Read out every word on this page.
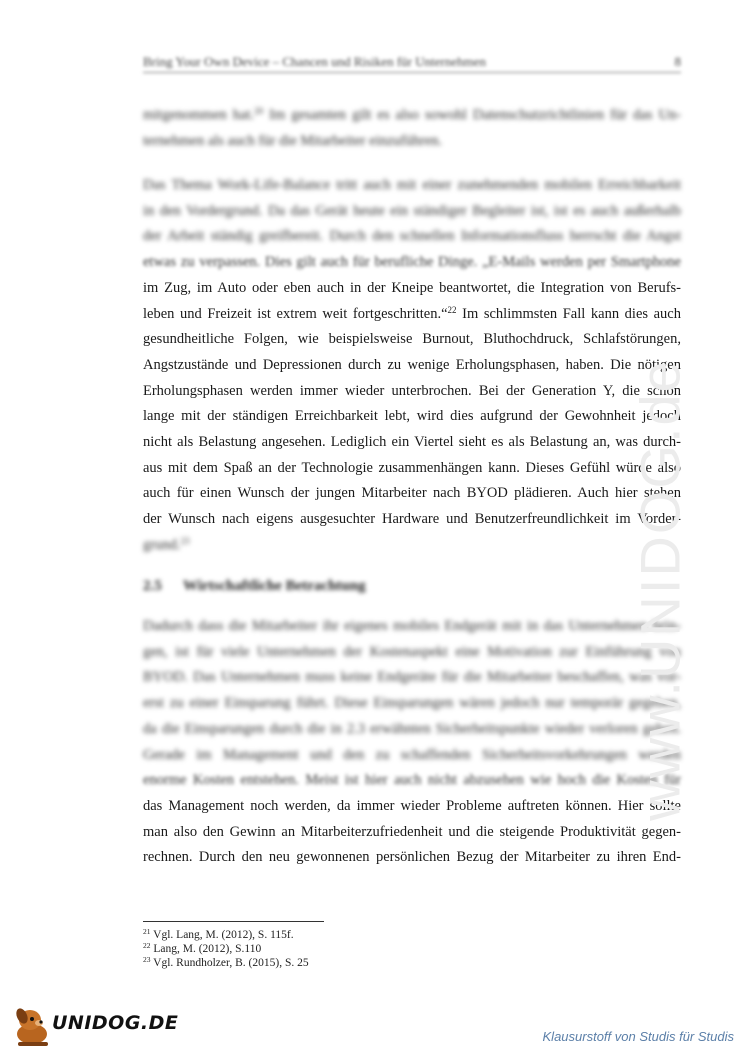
Bring Your Own Device – Chancen und Risiken für Unternehmen	8
mitgenommen hat.$^{20}$ Im gesamten gilt es also sowohl Datenschutzrichtlinien für das Un-
ternehmen als auch für die Mitarbeiter einzuführen.
Das Thema Work-Life-Balance tritt auch mit einer zunehmenden mobilen Erreichbarkeit
in den Vordergrund. Da das Gerät heute ein ständiger Begleiter ist, ist es auch außerhalb
der Arbeit ständig greifbereit. Durch den schnellen Informationsfluss herrscht die Angst
etwas zu verpassen. Dies gilt auch für berufliche Dinge. „E-Mails werden per Smartphone
im Zug, im Auto oder eben auch in der Kneipe beantwortet, die Integration von Berufs-
leben und Freizeit ist extrem weit fortgeschritten.“$^{22}$ Im schlimmsten Fall kann dies auch
gesundheitliche Folgen, wie beispielsweise Burnout, Bluthochdruck, Schlafstörungen,
Angstzustände und Depressionen durch zu wenige Erholungsphasen, haben. Die nötigen
Erholungsphasen werden immer wieder unterbrochen. Bei der Generation Y, die schon
lange mit der ständigen Erreichbarkeit lebt, wird dies aufgrund der Gewohnheit jedoch
nicht als Belastung angesehen. Lediglich ein Viertel sieht es als Belastung an, was durch-
aus mit dem Spaß an der Technologie zusammenhängen kann. Dieses Gefühl würde also
auch für einen Wunsch der jungen Mitarbeiter nach BYOD plädieren. Auch hier stehen
der Wunsch nach eigens ausgesuchter Hardware und Benutzerfreundlichkeit im Vorder-
grund.$^{23}$
2.5 Wirtschaftliche Betrachtung
Dadurch dass die Mitarbeiter ihr eigenes mobiles Endgerät mit in das Unternehmen brin-
gen, ist für viele Unternehmen der Kostenaspekt eine Motivation zur Einführung von
BYOD. Das Unternehmen muss keine Endgeräte für die Mitarbeiter beschaffen, was vor-
erst zu einer Einsparung führt. Diese Einsparungen wären jedoch nur temporär gegeben,
da die Einsparungen durch die in 2.3 erwähnten Sicherheitspunkte wieder verloren gehen.
Gerade im Management und den zu schaffenden Sicherheitsvorkehrungen werden
enorme Kosten entstehen. Meist ist hier auch nicht abzusehen wie hoch die Kosten für
das Management noch werden, da immer wieder Probleme auftreten können. Hier sollte
man also den Gewinn an Mitarbeiterzufriedenheit und die steigende Produktivität gegen-
rechnen. Durch den neu gewonnenen persönlichen Bezug der Mitarbeiter zu ihren End-
$^{21}$ Vgl. Lang, M. (2012), S. 115f.
$^{22}$ Lang, M. (2012), S.110
$^{23}$ Vgl. Rundholzer, B. (2015), S. 25
www.UNIDOG.de
UNIDOG.DE
Klausurstoff von Studis für Studis
